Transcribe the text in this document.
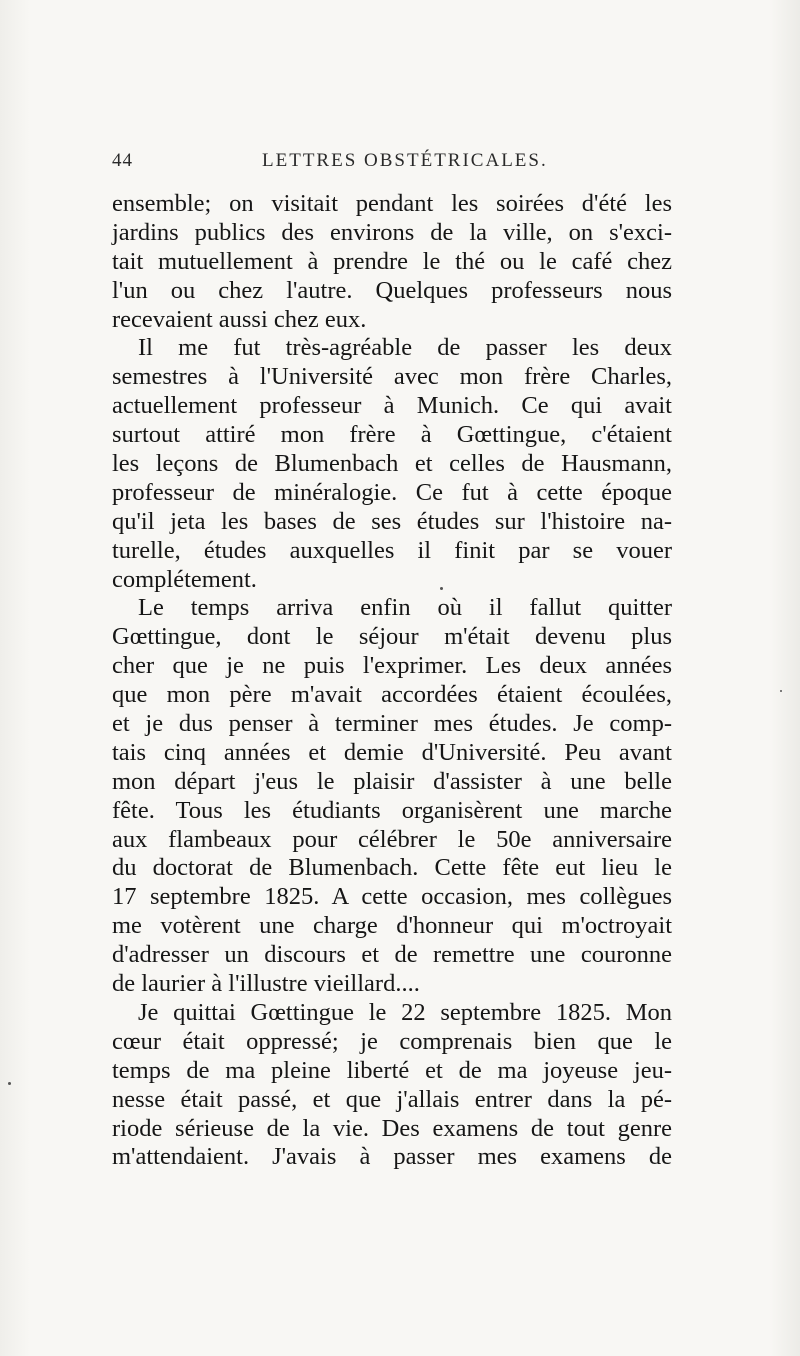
44	LETTRES OBSTÉTRICALES.
ensemble; on visitait pendant les soirées d'été les
jardins publics des environs de la ville, on s'exci-
tait mutuellement à prendre le thé ou le café chez
l'un ou chez l'autre. Quelques professeurs nous
recevaient aussi chez eux.
Il me fut très-agréable de passer les deux
semestres à l'Université avec mon frère Charles,
actuellement professeur à Munich. Ce qui avait
surtout attiré mon frère à Gœttingue, c'étaient
les leçons de Blumenbach et celles de Hausmann,
professeur de minéralogie. Ce fut à cette époque
qu'il jeta les bases de ses études sur l'histoire na-
turelle, études auxquelles il finit par se vouer
complétement.
Le temps arriva enfin où il fallut quitter
Gœttingue, dont le séjour m'était devenu plus
cher que je ne puis l'exprimer. Les deux années
que mon père m'avait accordées étaient écoulées,
et je dus penser à terminer mes études. Je comp-
tais cinq années et demie d'Université. Peu avant
mon départ j'eus le plaisir d'assister à une belle
fête. Tous les étudiants organisèrent une marche
aux flambeaux pour célébrer le 50e anniversaire
du doctorat de Blumenbach. Cette fête eut lieu le
17 septembre 1825. A cette occasion, mes collègues
me votèrent une charge d'honneur qui m'octroyait
d'adresser un discours et de remettre une couronne
de laurier à l'illustre vieillard....
Je quittai Gœttingue le 22 septembre 1825. Mon
cœur était oppressé; je comprenais bien que le
temps de ma pleine liberté et de ma joyeuse jeu-
nesse était passé, et que j'allais entrer dans la pé-
riode sérieuse de la vie. Des examens de tout genre
m'attendaient. J'avais à passer mes examens de
